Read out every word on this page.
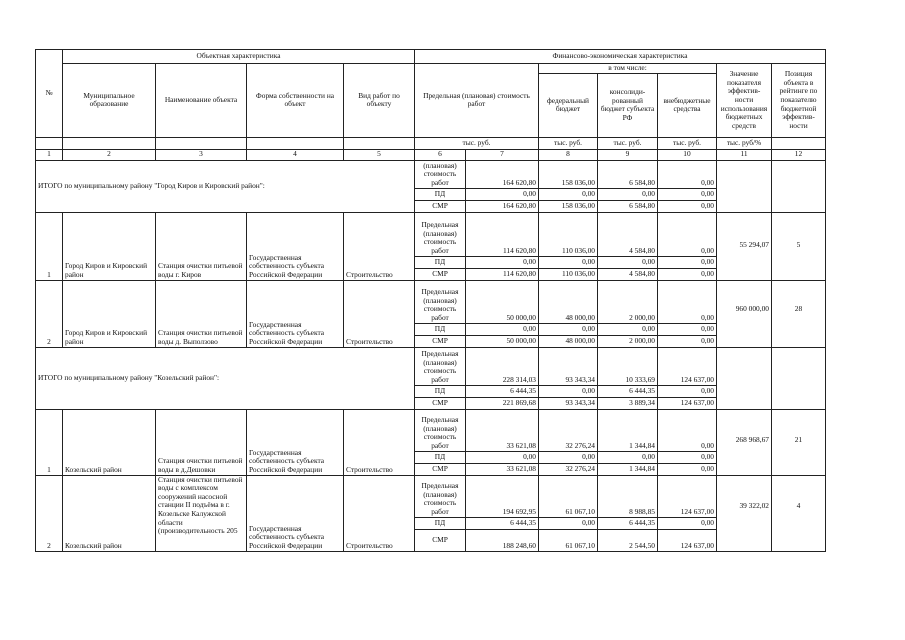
№	Объектная характеристика				Финансово-экономическая характеристика						
	Муниципальное образование	Наименование объекта	Форма собственности на объект	Вид работ по объекту	Предельная (плановая) стоимость работ		в том числе:			Значение показателя эффектив-ности использования бюджетных средств	Позиция объекта в рейтинге по показателю бюджетной эффектив-ности
							федеральный бюджет	консолиди-рованный бюджет субъекта РФ	внебюджетные средства		

					тыс. руб.		тыс. руб.	тыс. руб.	тыс. руб.	тыс. руб/%	
1	2	3	4	5	6	7	8	9	10	11	12
ИТОГО по муниципальному району "Город Киров и Кировский район":					(плановая) стоимость работ	164 620,80	158 036,00	6 584,80	0,00		
					ПД	0,00	0,00	0,00	0,00		
					СМР	164 620,80	158 036,00	6 584,80	0,00		
1	Город Киров и Кировский район	Станция очистки питьевой воды г. Киров	Государственная собственность субъекта Российской Федерации	Строительство	Предельная (плановая) стоимость работ	114 620,80	110 036,00	4 584,80	0,00	55 294,07	5
					ПД	0,00	0,00	0,00	0,00		
					СМР	114 620,80	110 036,00	4 584,80	0,00		
2	Город Киров и Кировский район	Станция очистки питьевой воды д. Выползово	Государственная собственность субъекта Российской Федерации	Строительство	Предельная (плановая) стоимость работ	50 000,00	48 000,00	2 000,00	0,00	960 000,00	28
					ПД	0,00	0,00	0,00	0,00		
					СМР	50 000,00	48 000,00	2 000,00	0,00		
ИТОГО по муниципальному району "Козельский район":					Предельная (плановая) стоимость работ	228 314,03	93 343,34	10 333,69	124 637,00		
					ПД	6 444,35	0,00	6 444,35	0,00		
					СМР	221 869,68	93 343,34	3 889,34	124 637,00		
1	Козельский район	Станция очистки питьевой воды в д.Дешовки	Государственная собственность субъекта Российской Федерации	Строительство	Предельная (плановая) стоимость работ	33 621,08	32 276,24	1 344,84	0,00	268 968,67	21
					ПД	0,00	0,00	0,00	0,00		
					СМР	33 621,08	32 276,24	1 344,84	0,00		
2	Козельский район	Станция очистки питьевой воды с комплексом сооружений насосной станции II подъёма в г. Козельске Калужской области (производительность 205	Государственная собственность субъекта Российской Федерации	Строительство	Предельная (плановая) стоимость работ	194 692,95	61 067,10	8 988,85	124 637,00	39 322,02	4
					ПД	6 444,35	0,00	6 444,35	0,00		
					СМР	188 248,60	61 067,10	2 544,50	124 637,00		
